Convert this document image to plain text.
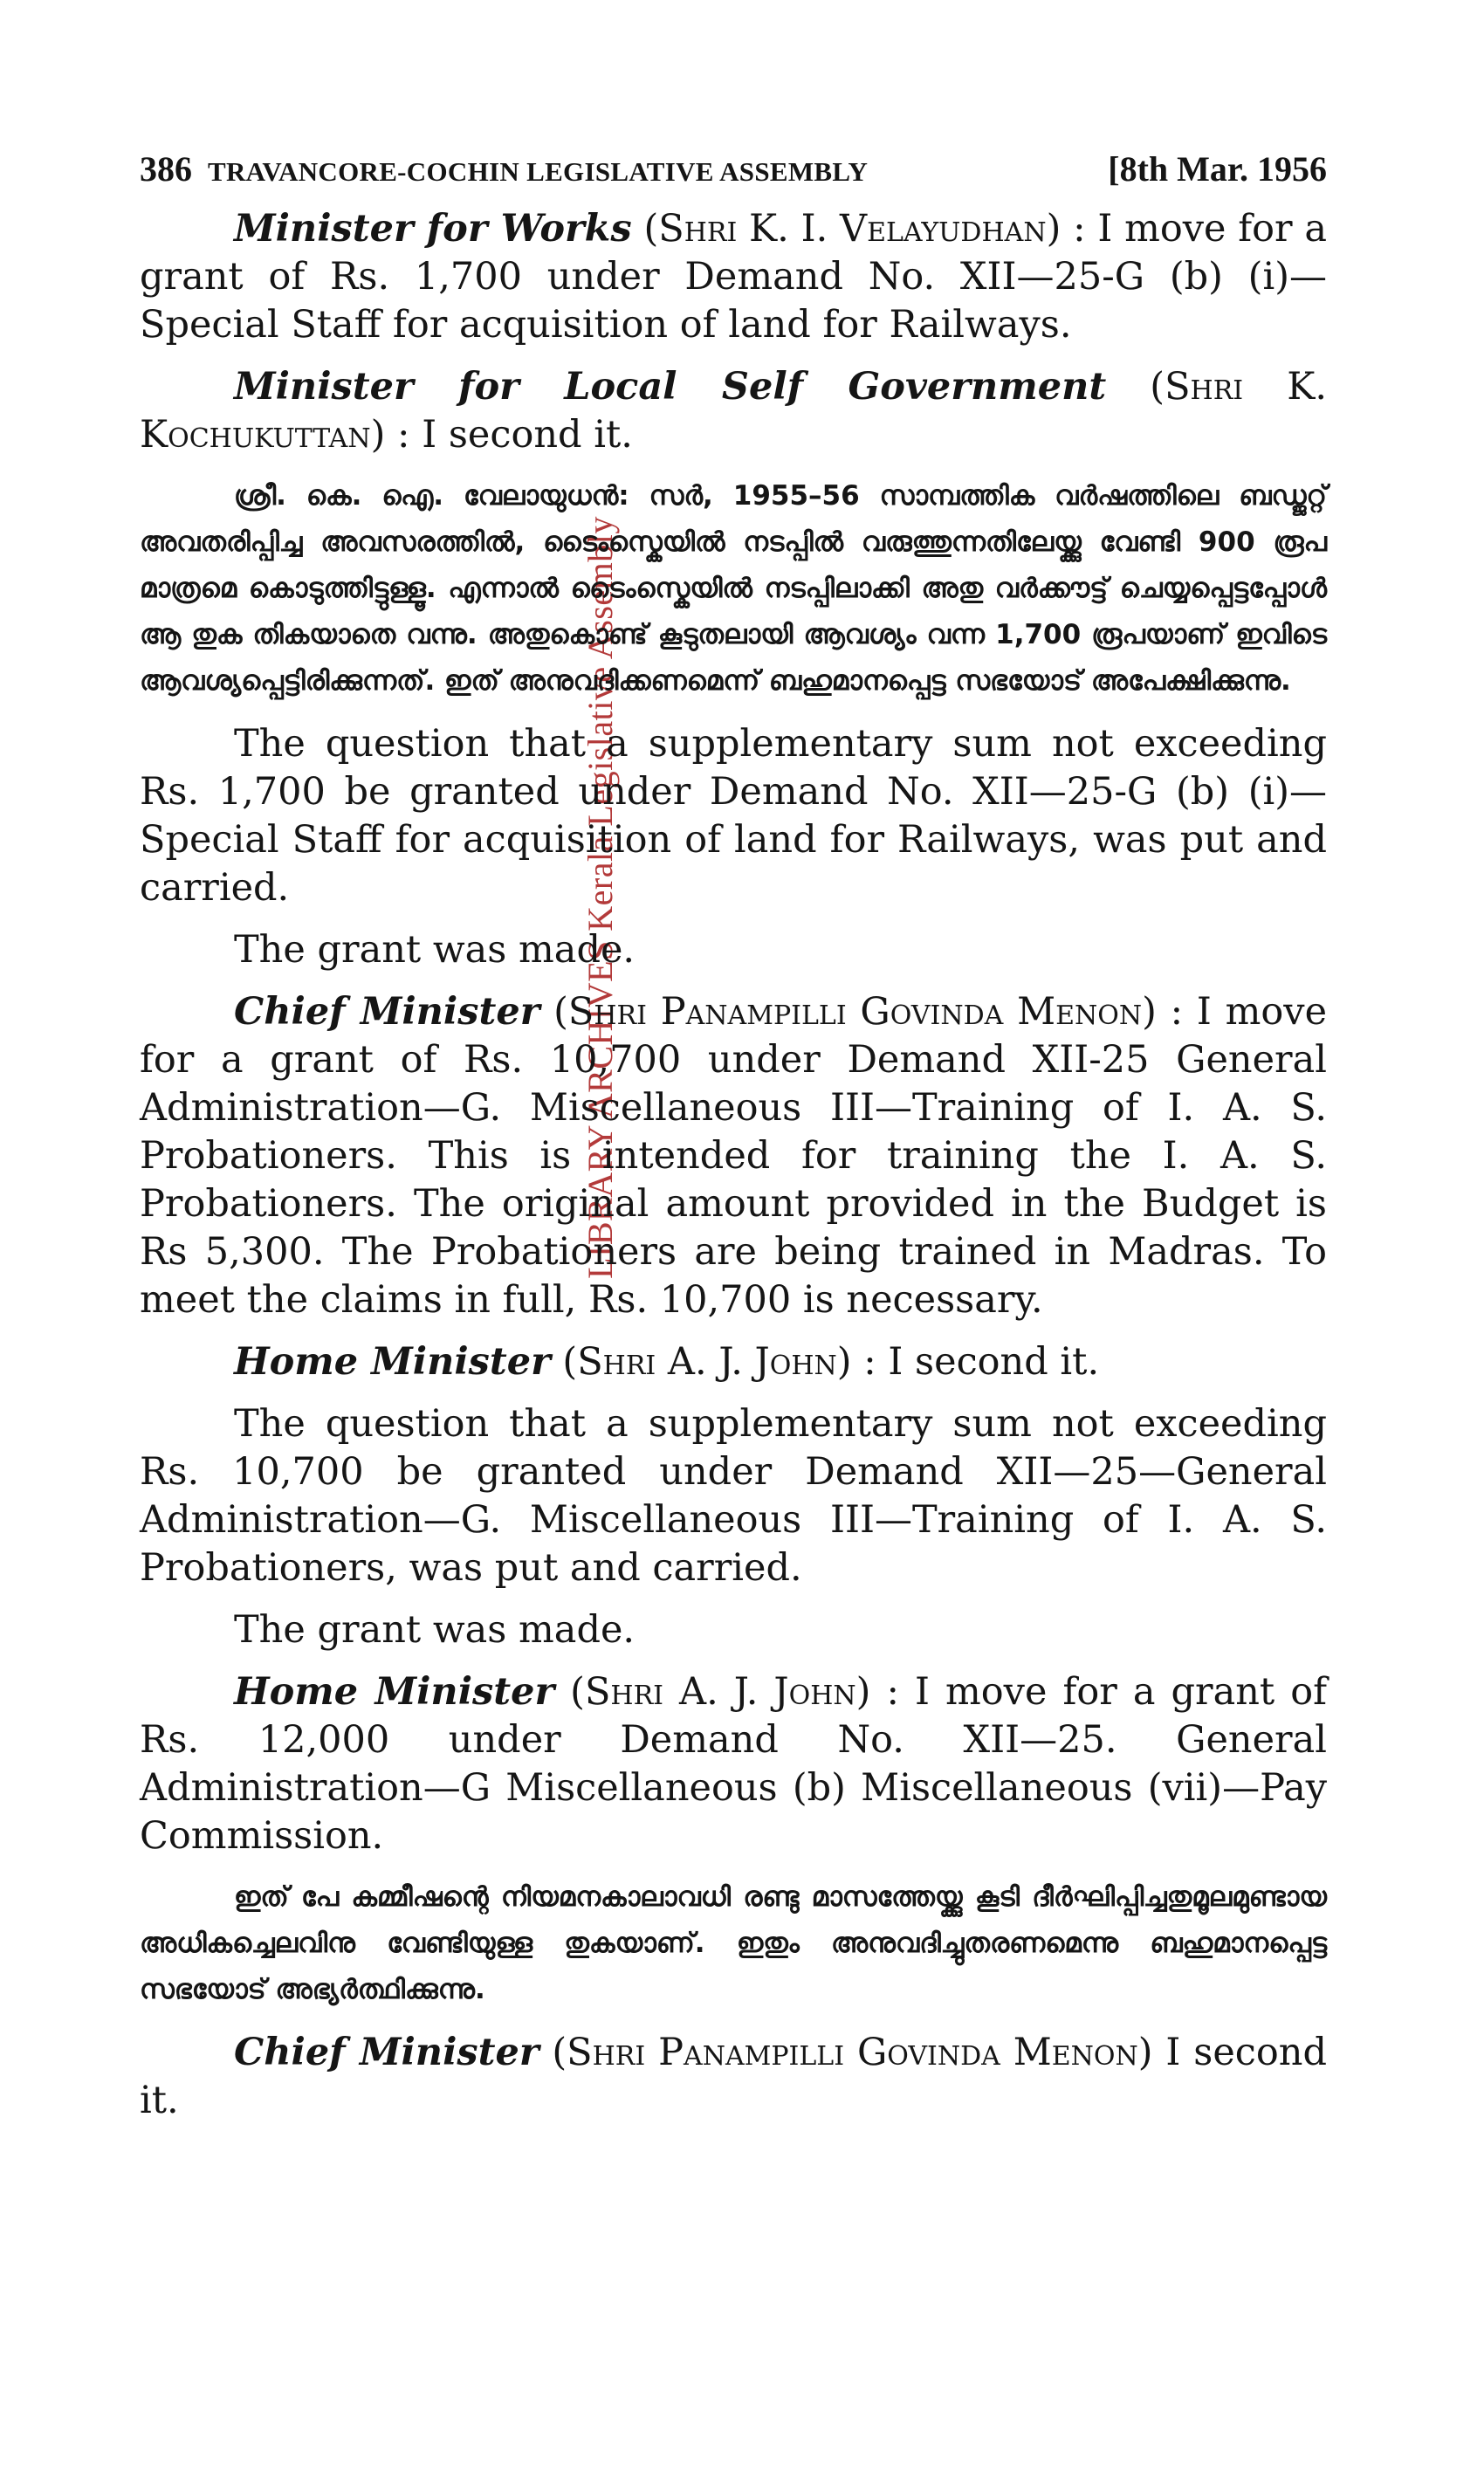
LIBRARY ARCHIVES Kerala Legislative Assembly
386 TRAVANCORE-COCHIN LEGISLATIVE ASSEMBLY	[8th Mar. 1956

Minister for Works (Shri K. I. Velayudhan) : I move for a grant of Rs. 1,700 under Demand No. XII—25-G (b) (i)—Special Staff for acquisition of land for Railways.

Minister for Local Self Government (Shri K. Kochukuttan) : I second it.

ശ്രീ. കെ. ഐ. വേലായുധൻ: സർ, 1955–56 സാമ്പത്തിക വർഷത്തിലെ ബഡ്ജറ്റ് അവതരിപ്പിച്ച അവസരത്തിൽ, ടൈംസ്കെയിൽ നടപ്പിൽ വരുത്തുന്നതിലേയ്ക്കു വേണ്ടി 900 രൂപ മാത്രമെ കൊടുത്തിട്ടുള്ളൂ. എന്നാൽ ടൈംസ്കെയിൽ നടപ്പിലാക്കി അതു വർക്കൗട്ട് ചെയ്യപ്പെട്ടപ്പോൾ ആ തുക തികയാതെ വന്നു. അതുകൊണ്ട് കൂടുതലായി ആവശ്യം വന്ന 1,700 രൂപയാണ് ഇവിടെ ആവശ്യപ്പെട്ടിരിക്കുന്നത്. ഇത് അനുവദിക്കണമെന്ന് ബഹുമാനപ്പെട്ട സഭയോട് അപേക്ഷിക്കുന്നു.

The question that a supplementary sum not exceeding Rs. 1,700 be granted under Demand No. XII—25-G (b) (i)—Special Staff for acquisition of land for Railways, was put and carried.

The grant was made.

Chief Minister (Shri Panampilli Govinda Menon) : I move for a grant of Rs. 10,700 under Demand XII-25 General Administration—G. Miscellaneous III—Training of I. A. S. Probationers. This is intended for training the I. A. S. Probationers. The original amount provided in the Budget is Rs 5,300. The Probationers are being trained in Madras. To meet the claims in full, Rs. 10,700 is necessary.

Home Minister (Shri A. J. John) : I second it.

The question that a supplementary sum not exceeding Rs. 10,700 be granted under Demand XII—25—General Administration—G. Miscellaneous III—Training of I. A. S. Probationers, was put and carried.

The grant was made.

Home Minister (Shri A. J. John) : I move for a grant of Rs. 12,000 under Demand No. XII—25. General Administration—G Miscellaneous (b) Miscellaneous (vii)—Pay Commission.

ഇത് പേ കമ്മീഷന്റെ നിയമനകാലാവധി രണ്ടു മാസത്തേയ്ക്കു കൂടി ദീർഘിപ്പിച്ചതുമൂലമുണ്ടായ അധികച്ചെലവിനു വേണ്ടിയുള്ള തുകയാണ്. ഇതും അനുവദിച്ചുതരണമെന്നു ബഹുമാനപ്പെട്ട സഭയോട് അഭ്യർത്ഥിക്കുന്നു.

Chief Minister (Shri Panampilli Govinda Menon) I second it.
